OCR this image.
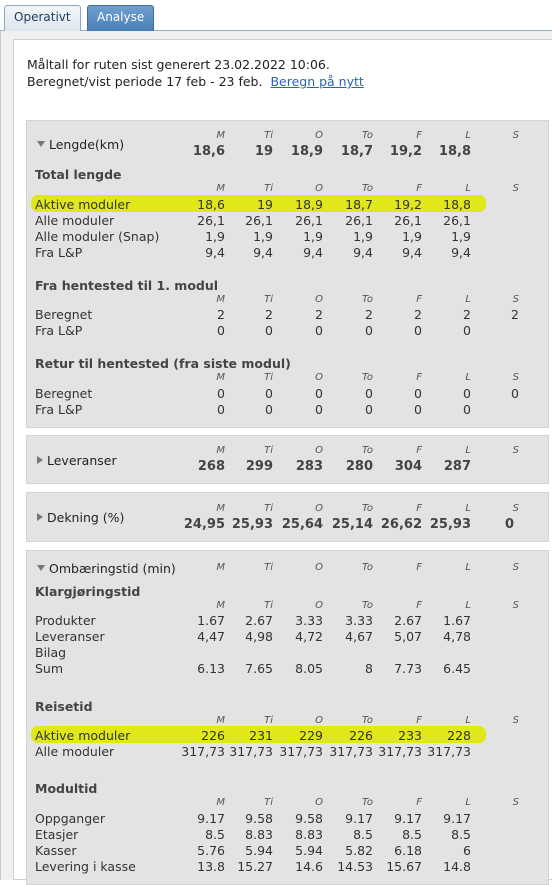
Operativt	Analyse
Måltall for ruten sist generert 23.02.2022 10:06.
Beregnet/vist periode 17 feb - 23 feb. Beregn på nytt
Lengde(km)
M	Ti	O	To	F	L	S
18,6	19	18,9	18,7	19,2	18,8
Total lengde
M	Ti	O	To	F	L	S
Aktive moduler	18,6	19	18,9	18,7	19,2	18,8
Alle moduler	26,1	26,1	26,1	26,1	26,1	26,1
Alle moduler (Snap)	1,9	1,9	1,9	1,9	1,9	1,9
Fra L&P	9,4	9,4	9,4	9,4	9,4	9,4
Fra hentested til 1. modul
M	Ti	O	To	F	L	S
Beregnet	2	2	2	2	2	2	2
Fra L&P	0	0	0	0	0	0
Retur til hentested (fra siste modul)
M	Ti	O	To	F	L	S
Beregnet	0	0	0	0	0	0	0
Fra L&P	0	0	0	0	0	0
Leveranser
M	Ti	O	To	F	L	S
268	299	283	280	304	287
Dekning (%)
M	Ti	O	To	F	L	S
24,95 25,93 25,64 25,14 26,62 25,93	0
Ombæringstid (min)	M	Ti	O	To	F	L	S
Klargjøringstid
M	Ti	O	To	F	L	S
Produkter	1.67	2.67	3.33	3.33	2.67	1.67
Leveranser	4,47	4,98	4,72	4,67	5,07	4,78
Bilag
Sum	6.13	7.65	8.05	8	7.73	6.45
Reisetid
M	Ti	O	To	F	L	S
Aktive moduler	226	231	229	226	233	228
Alle moduler	317,73 317,73 317,73 317,73 317,73 317,73
Modultid
M	Ti	O	To	F	L	S
Oppganger	9.17	9.58	9.58	9.17	9.17	9.17
Etasjer	8.5	8.83	8.83	8.5	8.5	8.5
Kasser	5.76	5.94	5.94	5.82	6.18	6
Levering i kasse	13.8 15.27	14.6	14.53	15.67	14.8
